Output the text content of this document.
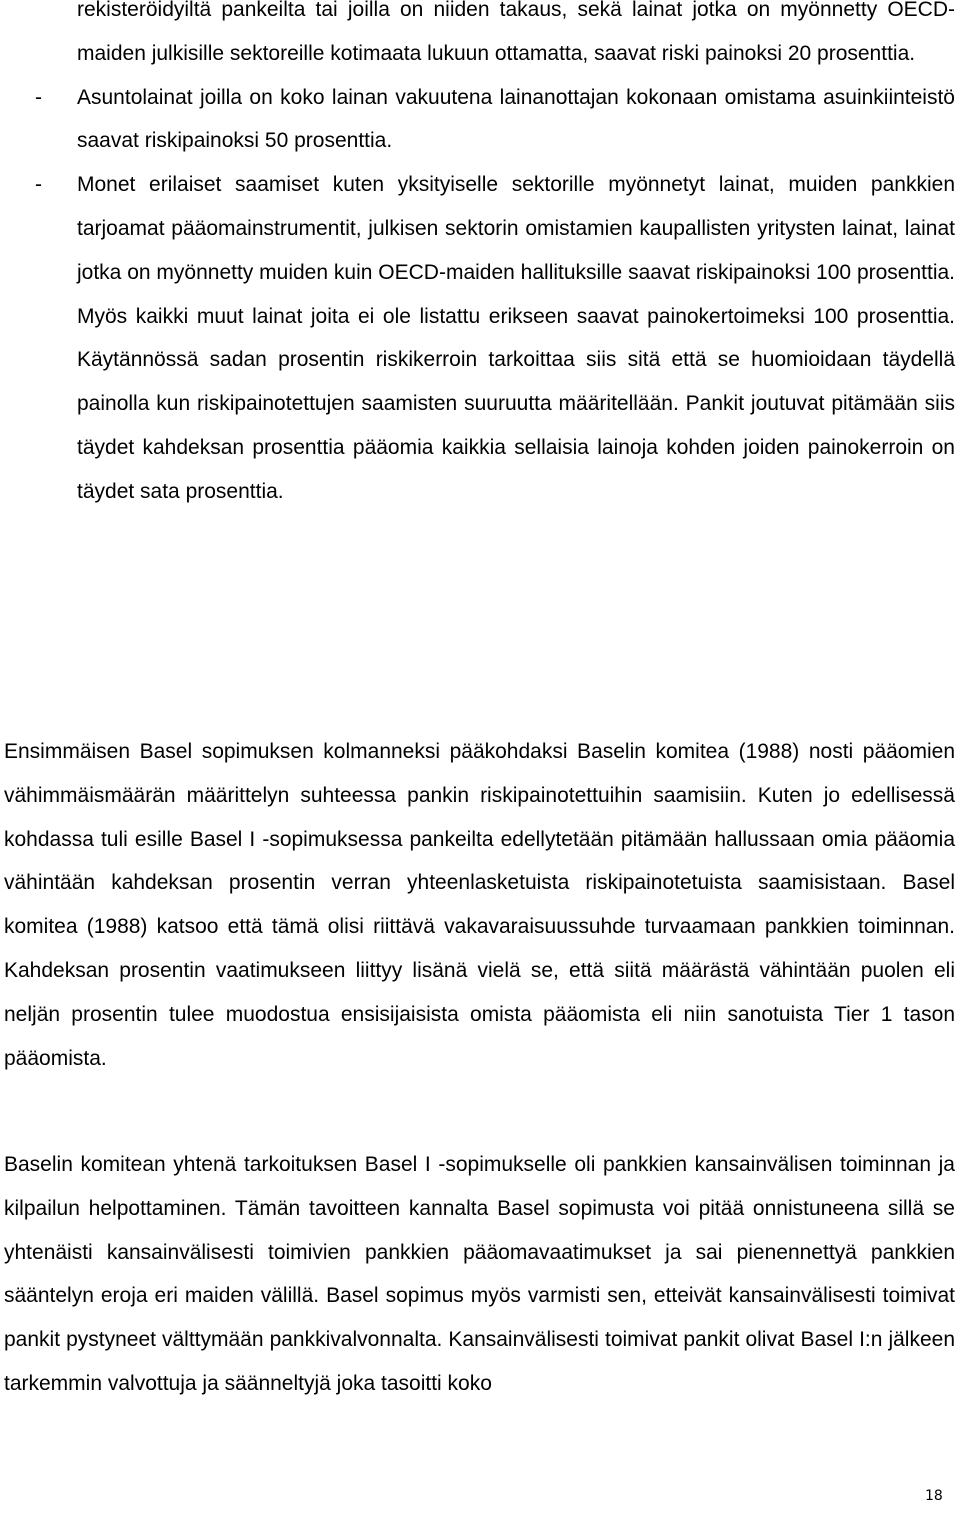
rekisteröidyiltä pankeilta tai joilla on niiden takaus, sekä lainat jotka on myönnetty OECD-maiden julkisille sektoreille kotimaata lukuun ottamatta, saavat riski painoksi 20 prosenttia.

- Asuntolainat joilla on koko lainan vakuutena lainanottajan kokonaan omistama asuinkiinteistö saavat riskipainoksi 50 prosenttia.
- Monet erilaiset saamiset kuten yksityiselle sektorille myönnetyt lainat, muiden pankkien tarjoamat pääomainstrumentit, julkisen sektorin omistamien kaupallisten yritysten lainat, lainat jotka on myönnetty muiden kuin OECD-maiden hallituksille saavat riskipainoksi 100 prosenttia. Myös kaikki muut lainat joita ei ole listattu erikseen saavat painokertoimeksi 100 prosenttia. Käytännössä sadan prosentin riskikerroin tarkoittaa siis sitä että se huomioidaan täydellä painolla kun riskipainotettujen saamisten suuruutta määritellään. Pankit joutuvat pitämään siis täydet kahdeksan prosenttia pääomia kaikkia sellaisia lainoja kohden joiden painokerroin on täydet sata prosenttia.

Ensimmäisen Basel sopimuksen kolmanneksi pääkohdaksi Baselin komitea (1988) nosti pääomien vähimmäismäärän määrittelyn suhteessa pankin riskipainotettuihin saamisiin. Kuten jo edellisessä kohdassa tuli esille Basel I -sopimuksessa pankeilta edellytetään pitämään hallussaan omia pääomia vähintään kahdeksan prosentin verran yhteenlasketuista riskipainotetuista saamisistaan. Basel komitea (1988) katsoo että tämä olisi riittävä vakavaraisuussuhde turvaamaan pankkien toiminnan. Kahdeksan prosentin vaatimukseen liittyy lisänä vielä se, että siitä määrästä vähintään puolen eli neljän prosentin tulee muodostua ensisijaisista omista pääomista eli niin sanotuista Tier 1 tason pääomista.

Baselin komitean yhtenä tarkoituksen Basel I -sopimukselle oli pankkien kansainvälisen toiminnan ja kilpailun helpottaminen. Tämän tavoitteen kannalta Basel sopimusta voi pitää onnistuneena sillä se yhtenäisti kansainvälisesti toimivien pankkien pääomavaatimukset ja sai pienennettyä pankkien sääntelyn eroja eri maiden välillä. Basel sopimus myös varmisti sen, etteivät kansainvälisesti toimivat pankit pystyneet välttymään pankkivalvonnalta. Kansainvälisesti toimivat pankit olivat Basel I:n jälkeen tarkemmin valvottuja ja säänneltyjä joka tasoitti koko

18
